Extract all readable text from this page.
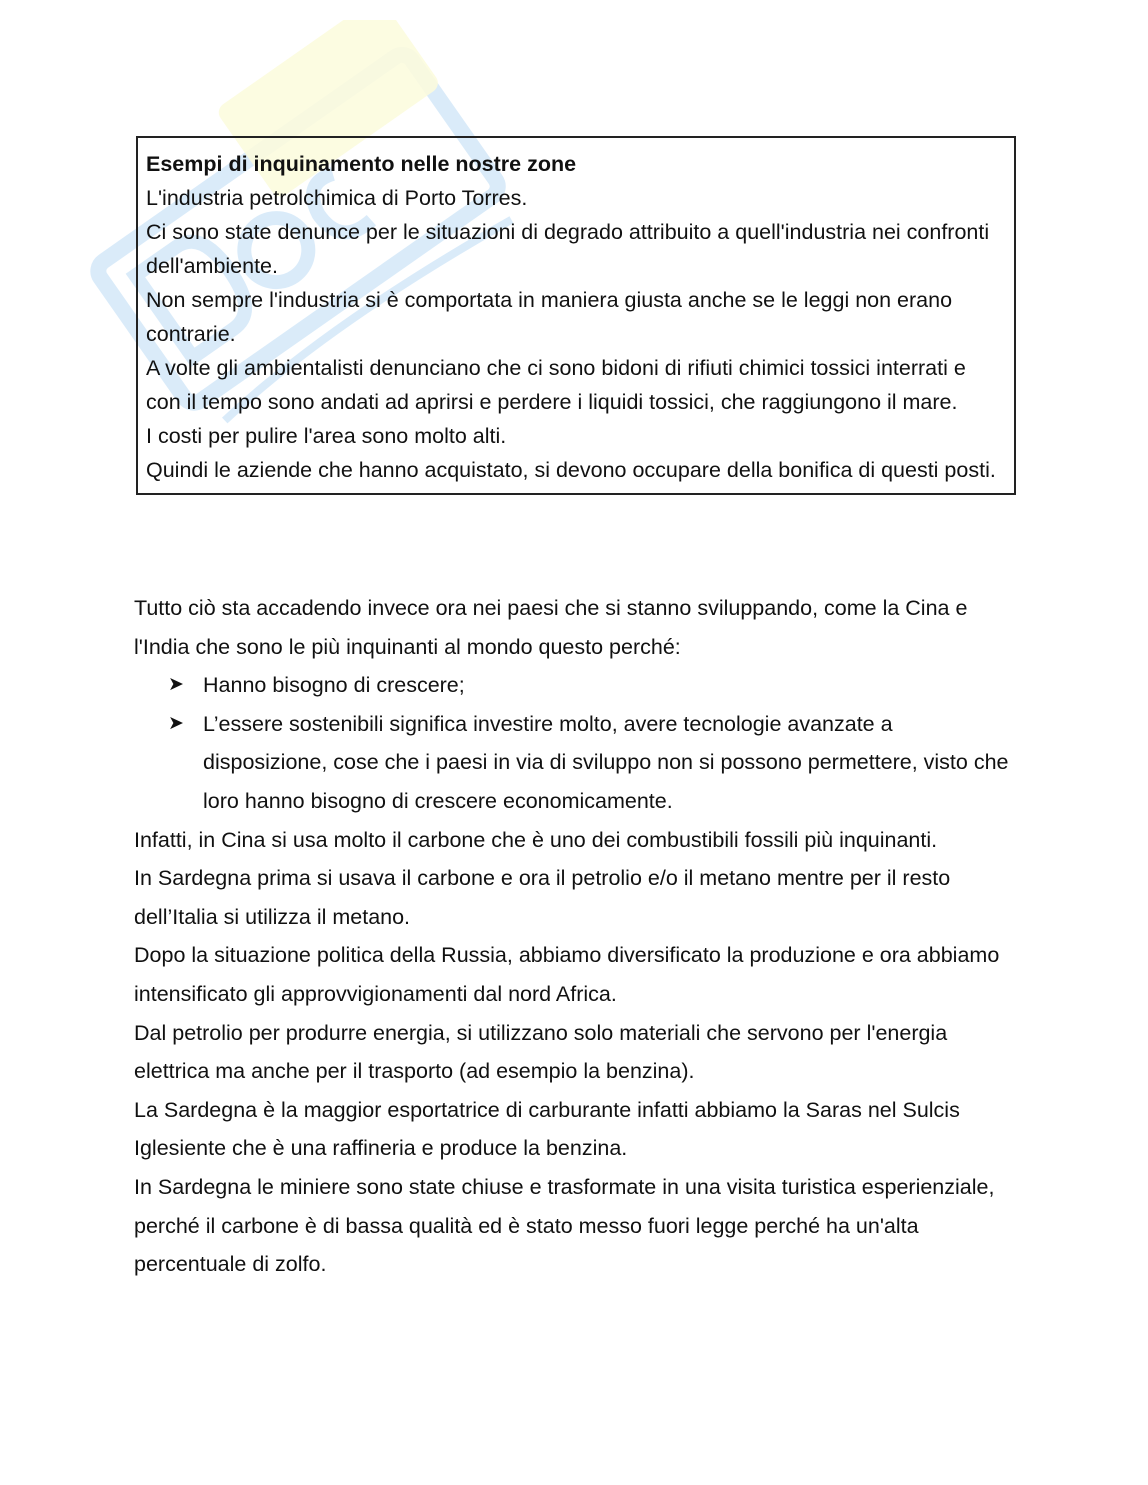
Esempi di inquinamento nelle nostre zone

L'industria petrolchimica di Porto Torres.

Ci sono state denunce per le situazioni di degrado attribuito a quell'industria nei confronti dell'ambiente.

Non sempre l'industria si è comportata in maniera giusta anche se le leggi non erano contrarie.

A volte gli ambientalisti denunciano che ci sono bidoni di rifiuti chimici tossici interrati e con il tempo sono andati ad aprirsi e perdere i liquidi tossici, che raggiungono il mare.

I costi per pulire l'area sono molto alti.

Quindi le aziende che hanno acquistato, si devono occupare della bonifica di questi posti.

Tutto ciò sta accadendo invece ora nei paesi che si stanno sviluppando, come la Cina e l'India che sono le più inquinanti al mondo questo perché:

➤ Hanno bisogno di crescere;
➤ L’essere sostenibili significa investire molto, avere tecnologie avanzate a disposizione, cose che i paesi in via di sviluppo non si possono permettere, visto che loro hanno bisogno di crescere economicamente.

Infatti, in Cina si usa molto il carbone che è uno dei combustibili fossili più inquinanti.

In Sardegna prima si usava il carbone e ora il petrolio e/o il metano mentre per il resto dell’Italia si utilizza il metano.

Dopo la situazione politica della Russia, abbiamo diversificato la produzione e ora abbiamo intensificato gli approvvigionamenti dal nord Africa.

Dal petrolio per produrre energia, si utilizzano solo materiali che servono per l'energia elettrica ma anche per il trasporto (ad esempio la benzina).

La Sardegna è la maggior esportatrice di carburante infatti abbiamo la Saras nel Sulcis Iglesiente che è una raffineria e produce la benzina.

In Sardegna le miniere sono state chiuse e trasformate in una visita turistica esperienziale, perché il carbone è di bassa qualità ed è stato messo fuori legge perché ha un'alta percentuale di zolfo.
